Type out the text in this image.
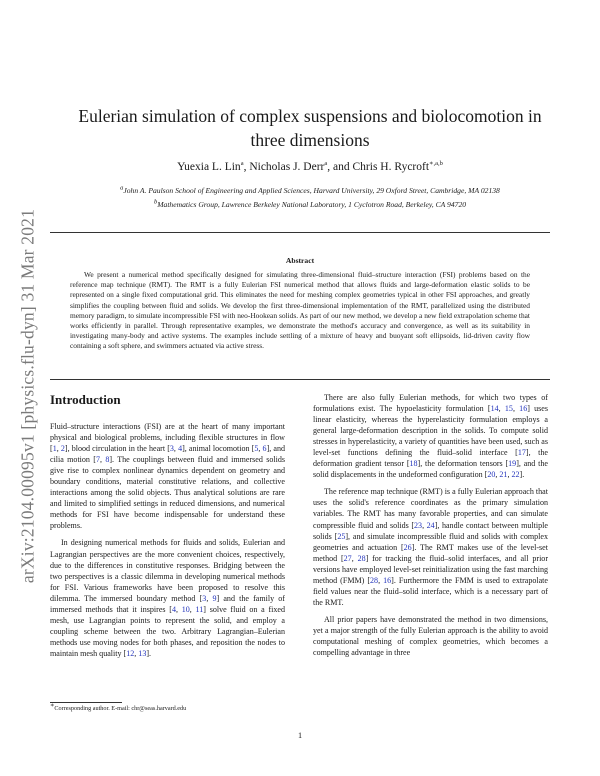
arXiv:2104.00095v1 [physics.flu-dyn] 31 Mar 2021
Eulerian simulation of complex suspensions and biolocomotion in three dimensions
Yuexia L. Lin$^a$, Nicholas J. Derr$^a$, and Chris H. Rycroft$^{∗,a,b}$
$^a$John A. Paulson School of Engineering and Applied Sciences, Harvard University, 29 Oxford Street, Cambridge, MA 02138
$^b$Mathematics Group, Lawrence Berkeley National Laboratory, 1 Cyclotron Road, Berkeley, CA 94720
Abstract

We present a numerical method specifically designed for simulating three-dimensional fluid–structure interaction (FSI) problems based on the reference map technique (RMT). The RMT is a fully Eulerian FSI numerical method that allows fluids and large-deformation elastic solids to be represented on a single fixed computational grid. This eliminates the need for meshing complex geometries typical in other FSI approaches, and greatly simplifies the coupling between fluid and solids. We develop the first three-dimensional implementation of the RMT, parallelized using the distributed memory paradigm, to simulate incompressible FSI with neo-Hookean solids. As part of our new method, we develop a new field extrapolation scheme that works efficiently in parallel. Through representative examples, we demonstrate the method's accuracy and convergence, as well as its suitability in investigating many-body and active systems. The examples include settling of a mixture of heavy and buoyant soft ellipsoids, lid-driven cavity flow containing a soft sphere, and swimmers actuated via active stress.

Introduction

Fluid–structure interactions (FSI) are at the heart of many important physical and biological problems, including flexible structures in flow [1, 2], blood circulation in the heart [3, 4], animal locomotion [5, 6], and cilia motion [7, 8]. The couplings between fluid and immersed solids give rise to complex nonlinear dynamics dependent on geometry and boundary conditions, material constitutive relations, and collective interactions among the solid objects. Thus analytical solutions are rare and limited to simplified settings in reduced dimensions, and numerical methods for FSI have become indispensable for understand these problems.

In designing numerical methods for fluids and solids, Eulerian and Lagrangian perspectives are the more convenient choices, respectively, due to the differences in constitutive responses. Bridging between the two perspectives is a classic dilemma in developing numerical methods for FSI. Various frameworks have been proposed to resolve this dilemma. The immersed boundary method [3, 9] and the family of immersed methods that it inspires [4, 10, 11] solve fluid on a fixed mesh, use Lagrangian points to represent the solid, and employ a coupling scheme between the two. Arbitrary Lagrangian–Eulerian methods use moving nodes for both phases, and reposition the nodes to maintain mesh quality [12, 13].

There are also fully Eulerian methods, for which two types of formulations exist. The hypoelasticity formulation [14, 15, 16] uses linear elasticity, whereas the hyperelasticity formulation employs a general large-deformation description in the solids. To compute solid stresses in hyperelasticity, a variety of quantities have been used, such as level-set functions defining the fluid–solid interface [17], the deformation gradient tensor [18], the deformation tensors [19], and the solid displacements in the undeformed configuration [20, 21, 22].

The reference map technique (RMT) is a fully Eulerian approach that uses the solid's reference coordinates as the primary simulation variables. The RMT has many favorable properties, and can simulate compressible fluid and solids [23, 24], handle contact between multiple solids [25], and simulate incompressible fluid and solids with complex geometries and actuation [26]. The RMT makes use of the level-set method [27, 28] for tracking the fluid–solid interfaces, and all prior versions have employed level-set reinitialization using the fast marching method (FMM) [28, 16]. Furthermore the FMM is used to extrapolate field values near the fluid–solid interface, which is a necessary part of the RMT.

All prior papers have demonstrated the method in two dimensions, yet a major strength of the fully Eulerian approach is the ability to avoid computational meshing of complex geometries, which becomes a compelling advantage in three

∗Corresponding author. E-mail: chr@seas.harvard.edu
1
